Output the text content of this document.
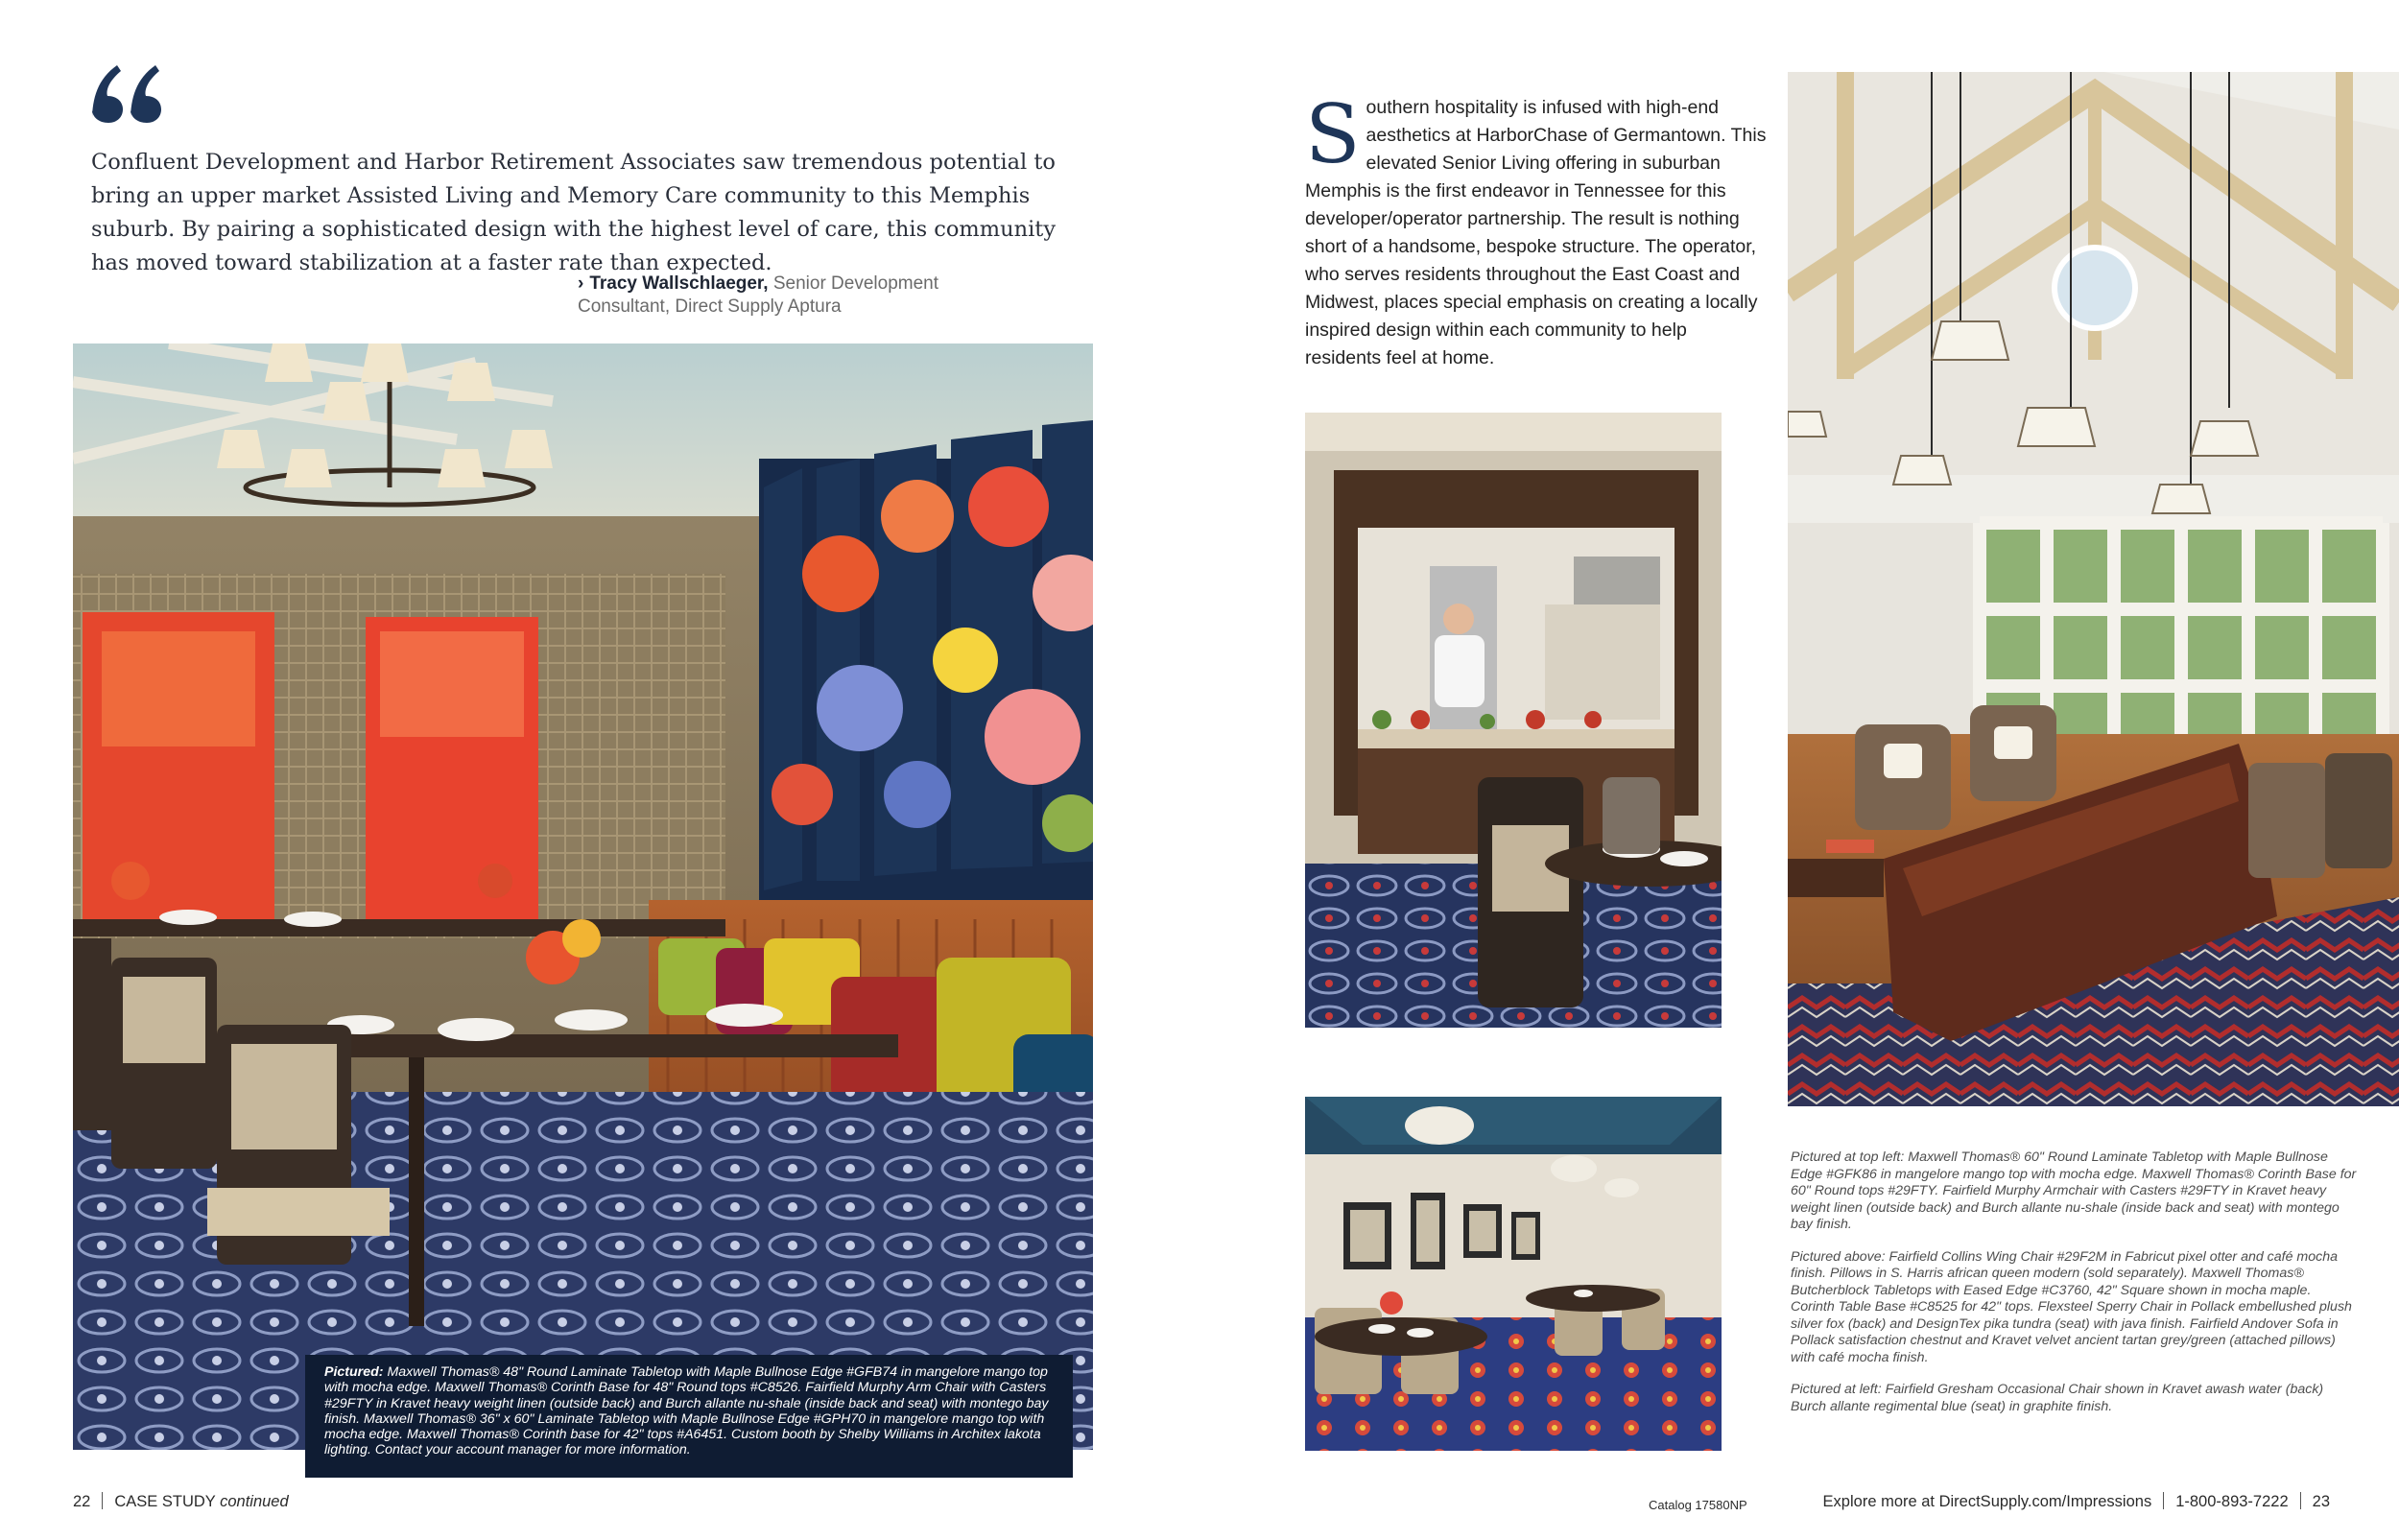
Confluent Development and Harbor Retirement Associates saw tremendous potential to bring an upper market Assisted Living and Memory Care community to this Memphis suburb. By pairing a sophisticated design with the highest level of care, this community has moved toward stabilization at a faster rate than expected.
› Tracy Wallschlaeger, Senior Development Consultant, Direct Supply Aptura

Pictured: Maxwell Thomas® 48" Round Laminate Tabletop with Maple Bullnose Edge #GFB74 in mangelore mango top with mocha edge. Maxwell Thomas® Corinth Base for 48" Round tops #C8526. Fairfield Murphy Arm Chair with Casters #29FTY in Kravet heavy weight linen (outside back) and Burch allante nu-shale (inside back and seat) with montego bay finish. Maxwell Thomas® 36" x 60" Laminate Tabletop with Maple Bullnose Edge #GPH70 in mangelore mango top with mocha edge. Maxwell Thomas® Corinth base for 42" tops #A6451. Custom booth by Shelby Williams in Architex lakota lighting. Contact your account manager for more information.

Southern hospitality is infused with high-end aesthetics at HarborChase of Germantown. This elevated Senior Living offering in suburban Memphis is the first endeavor in Tennessee for this developer/operator partnership. The result is nothing short of a handsome, bespoke structure. The operator, who serves residents throughout the East Coast and Midwest, places special emphasis on creating a locally inspired design within each community to help residents feel at home.

Pictured at top left: Maxwell Thomas® 60" Round Laminate Tabletop with Maple Bullnose Edge #GFK86 in mangelore mango top with mocha edge. Maxwell Thomas® Corinth Base for 60" Round tops #29FTY. Fairfield Murphy Armchair with Casters #29FTY in Kravet heavy weight linen (outside back) and Burch allante nu-shale (inside back and seat) with montego bay finish.

Pictured above: Fairfield Collins Wing Chair #29F2M in Fabricut pixel otter and café mocha finish. Pillows in S. Harris african queen modern (sold separately). Maxwell Thomas® Butcherblock Tabletops with Eased Edge #C3760, 42" Square shown in mocha maple. Corinth Table Base #C8525 for 42" tops. Flexsteel Sperry Chair in Pollack embellushed plush silver fox (back) and DesignTex pika tundra (seat) with java finish. Fairfield Andover Sofa in Pollack satisfaction chestnut and Kravet velvet ancient tartan grey/green (attached pillows) with café mocha finish.

Pictured at left: Fairfield Gresham Occasional Chair shown in Kravet awash water (back) Burch allante regimental blue (seat) in graphite finish.

22 CASE STUDY continued	Catalog 17580NP	Explore more at DirectSupply.com/Impressions 1-800-893-7222 23
